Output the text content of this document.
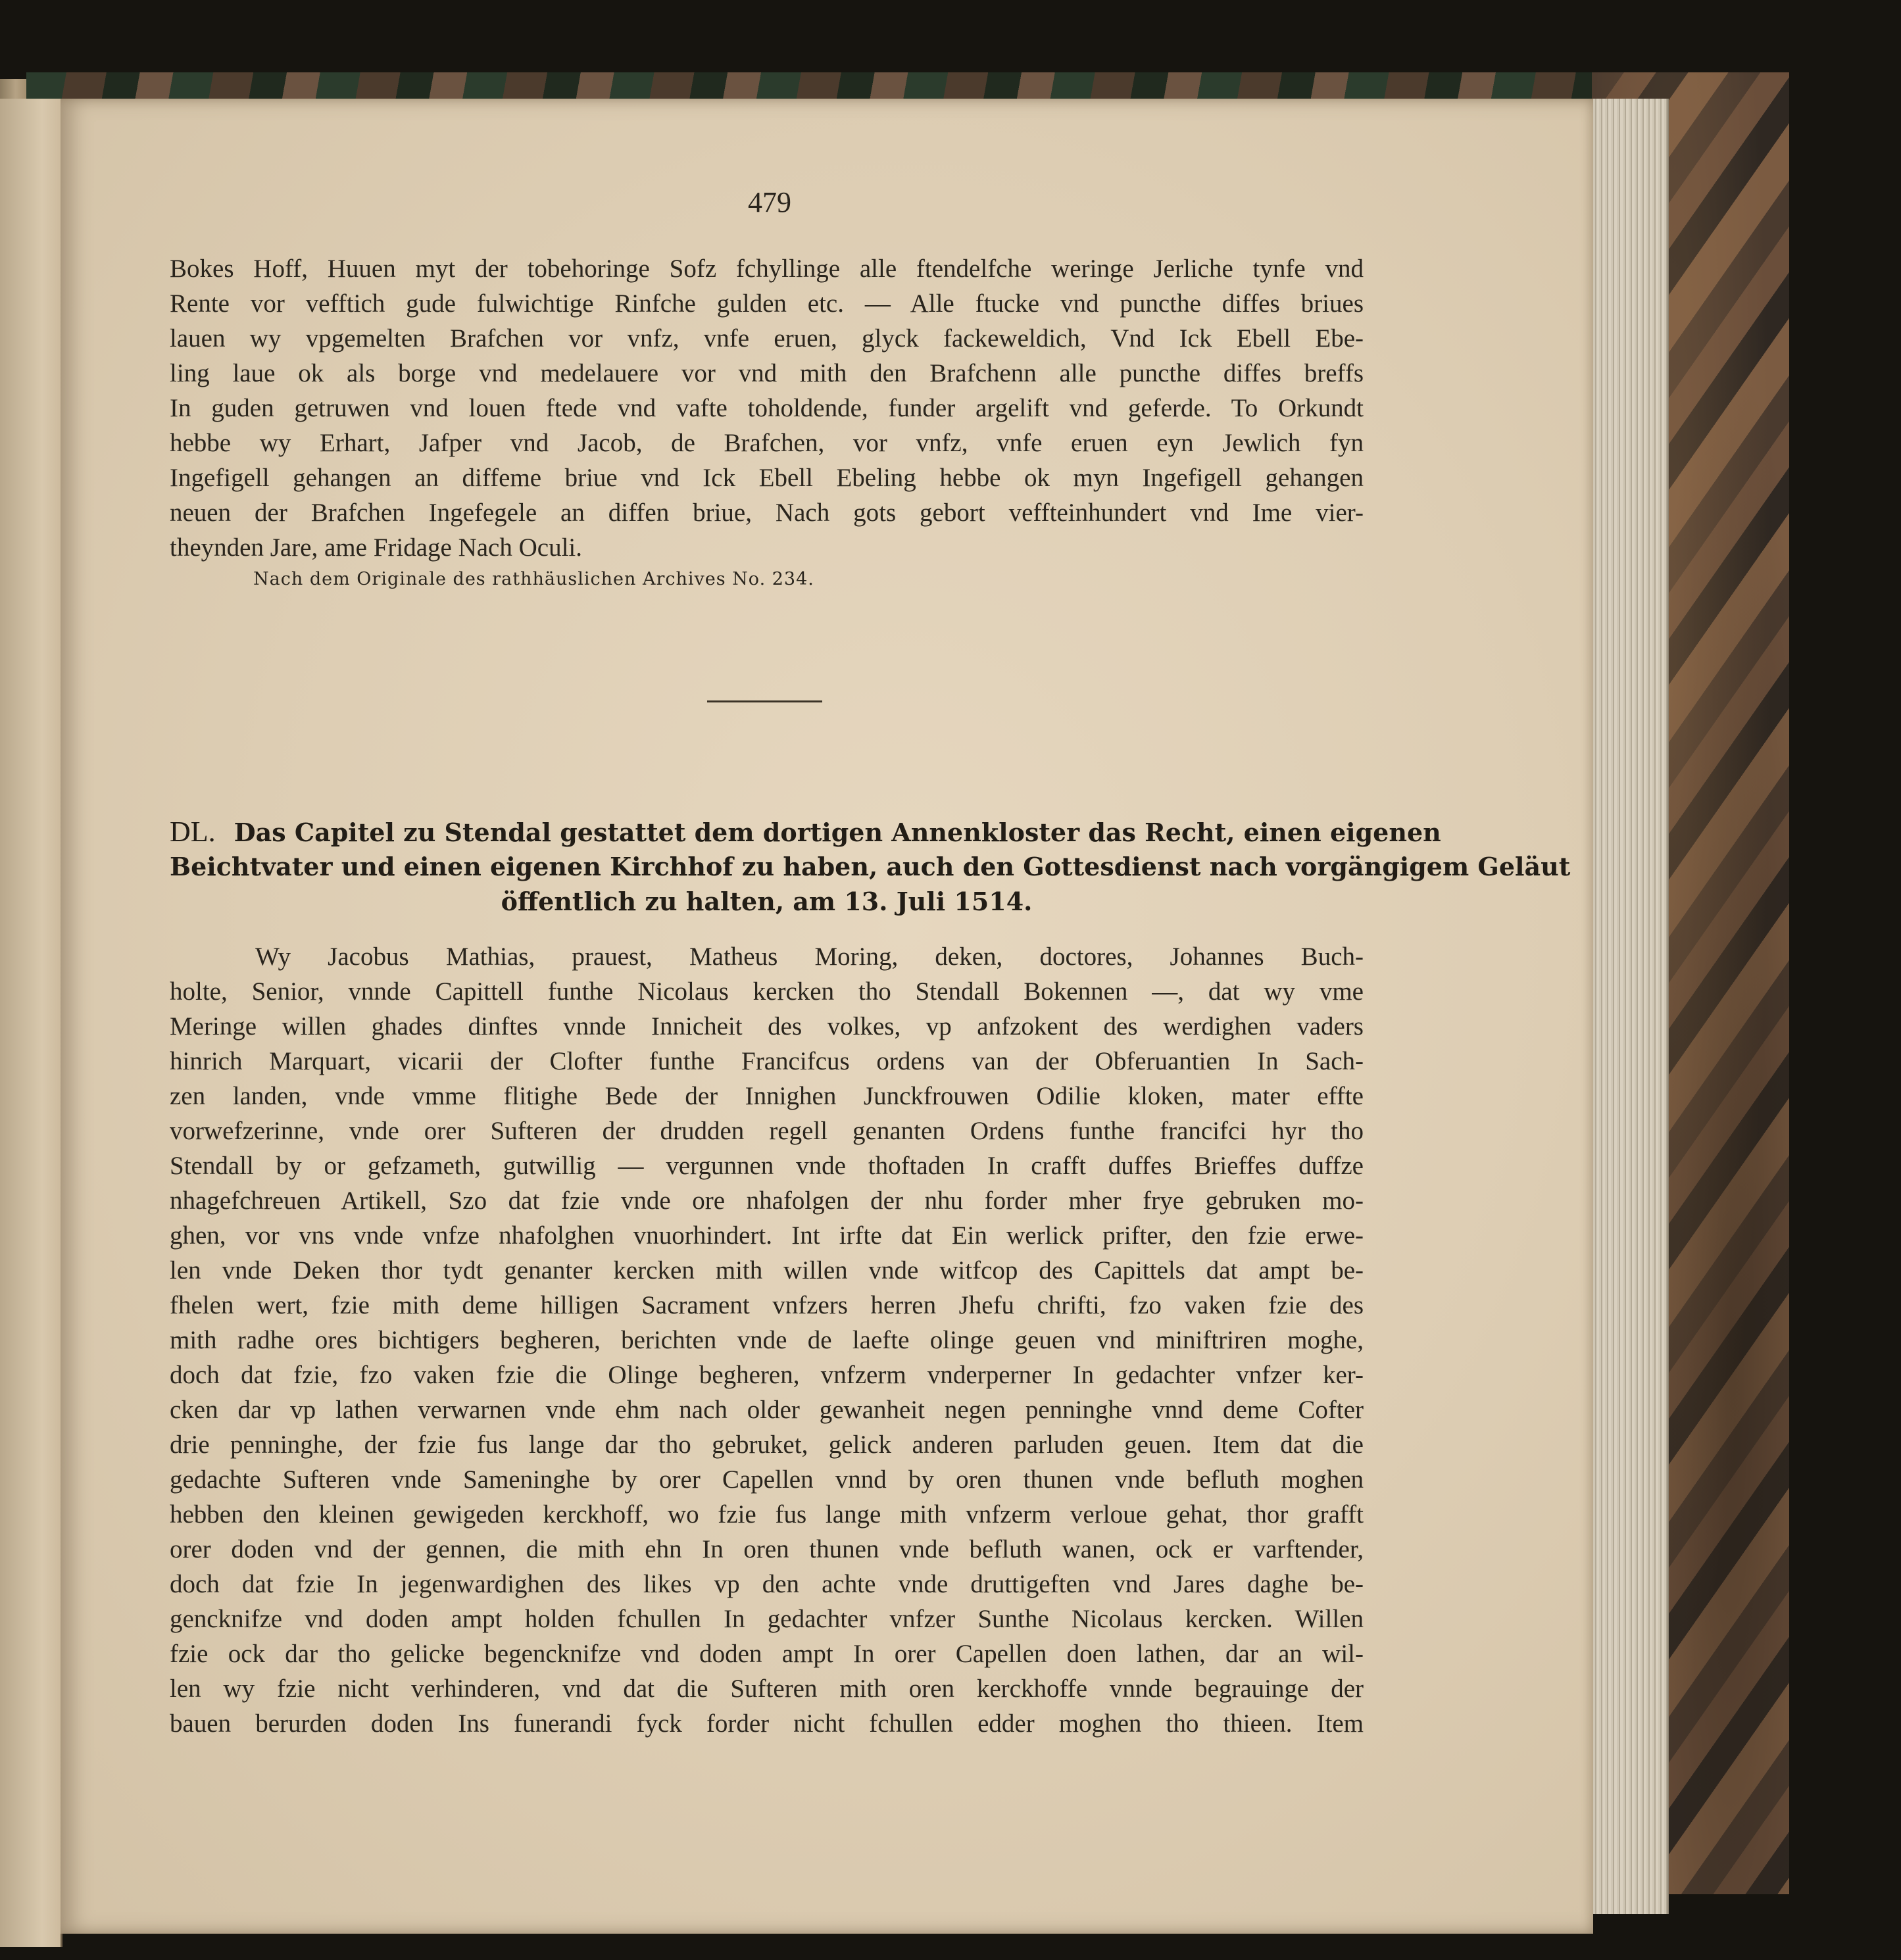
479
Bokes Hoff, Huuen myt der tobehoringe Sofz fchyllinge alle ftendelfche weringe Jerliche tynfe vnd
Rente vor vefftich gude fulwichtige Rinfche gulden etc. — Alle ftucke vnd puncthe diffes briues
lauen wy vpgemelten Brafchen vor vnfz, vnfe eruen, glyck fackeweldich, Vnd Ick Ebell Ebe-
ling laue ok als borge vnd medelauere vor vnd mith den Brafchenn alle puncthe diffes breffs
In guden getruwen vnd louen ftede vnd vafte toholdende, funder argelift vnd geferde. To Orkundt
hebbe wy Erhart, Jafper vnd Jacob, de Brafchen, vor vnfz, vnfe eruen eyn Jewlich fyn
Ingefigell gehangen an diffeme briue vnd Ick Ebell Ebeling hebbe ok myn Ingefigell gehangen
neuen der Brafchen Ingefegele an diffen briue, Nach gots gebort veffteinhundert vnd Ime vier-
theynden Jare, ame Fridage Nach Oculi.
Nach dem Originale des rathhäuslichen Archives No. 234.
DL. Das Capitel zu Stendal gestattet dem dortigen Annenkloster das Recht, einen eigenen
Beichtvater und einen eigenen Kirchhof zu haben, auch den Gottesdienst nach vorgängigem Geläut
öffentlich zu halten, am 13. Juli 1514.
Wy Jacobus Mathias, prauest, Matheus Moring, deken, doctores, Johannes Buch-
holte, Senior, vnnde Capittell funthe Nicolaus kercken tho Stendall Bokennen —, dat wy vme
Meringe willen ghades dinftes vnnde Innicheit des volkes, vp anfzokent des werdighen vaders
hinrich Marquart, vicarii der Clofter funthe Francifcus ordens van der Obferuantien In Sach-
zen landen, vnde vmme flitighe Bede der Innighen Junckfrouwen Odilie kloken, mater effte
vorwefzerinne, vnde orer Sufteren der drudden regell genanten Ordens funthe francifci hyr tho
Stendall by or gefzameth, gutwillig — vergunnen vnde thoftaden In crafft duffes Brieffes duffze
nhagefchreuen Artikell, Szo dat fzie vnde ore nhafolgen der nhu forder mher frye gebruken mo-
ghen, vor vns vnde vnfze nhafolghen vnuorhindert. Int irfte dat Ein werlick prifter, den fzie erwe-
len vnde Deken thor tydt genanter kercken mith willen vnde witfcop des Capittels dat ampt be-
fhelen wert, fzie mith deme hilligen Sacrament vnfzers herren Jhefu chrifti, fzo vaken fzie des
mith radhe ores bichtigers begheren, berichten vnde de laefte olinge geuen vnd miniftriren moghe,
doch dat fzie, fzo vaken fzie die Olinge begheren, vnfzerm vnderperner In gedachter vnfzer ker-
cken dar vp lathen verwarnen vnde ehm nach older gewanheit negen penninghe vnnd deme Cofter
drie penninghe, der fzie fus lange dar tho gebruket, gelick anderen parluden geuen. Item dat die
gedachte Sufteren vnde Sameninghe by orer Capellen vnnd by oren thunen vnde befluth moghen
hebben den kleinen gewigeden kerckhoff, wo fzie fus lange mith vnfzerm verloue gehat, thor grafft
orer doden vnd der gennen, die mith ehn In oren thunen vnde befluth wanen, ock er varftender,
doch dat fzie In jegenwardighen des likes vp den achte vnde druttigeften vnd Jares daghe be-
gencknifze vnd doden ampt holden fchullen In gedachter vnfzer Sunthe Nicolaus kercken. Willen
fzie ock dar tho gelicke begencknifze vnd doden ampt In orer Capellen doen lathen, dar an wil-
len wy fzie nicht verhinderen, vnd dat die Sufteren mith oren kerckhoffe vnnde begrauinge der
bauen berurden doden Ins funerandi fyck forder nicht fchullen edder moghen tho thieen. Item
